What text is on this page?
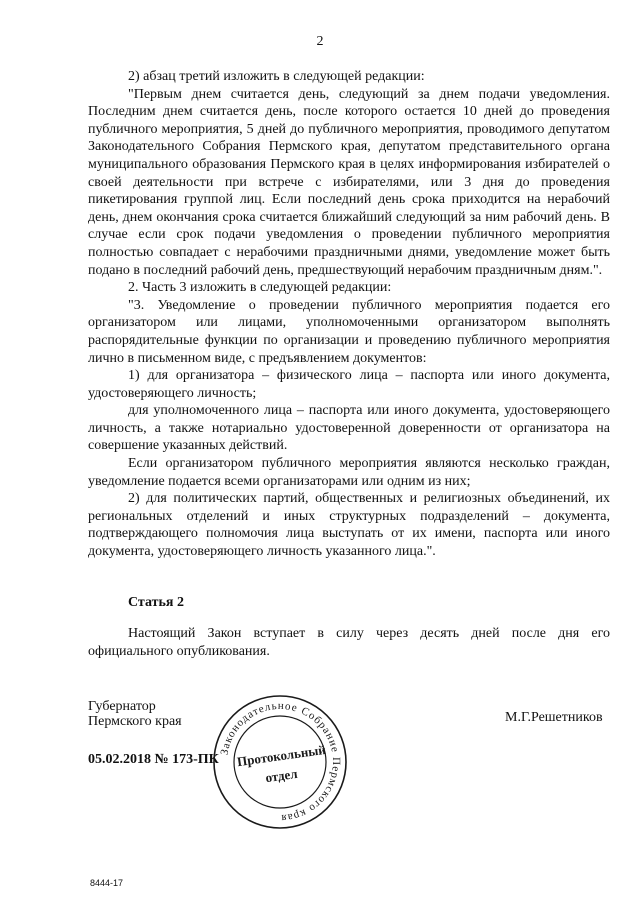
2

2) абзац третий изложить в следующей редакции:

"Первым днем считается день, следующий за днем подачи уведомления. Последним днем считается день, после которого остается 10 дней до проведения публичного мероприятия, 5 дней до публичного мероприятия, проводимого депутатом Законодательного Собрания Пермского края, депутатом представительного органа муниципального образования Пермского края в целях информирования избирателей о своей деятельности при встрече с избирателями, или 3 дня до проведения пикетирования группой лиц. Если последний день срока приходится на нерабочий день, днем окончания срока считается ближайший следующий за ним рабочий день. В случае если срок подачи уведомления о проведении публичного мероприятия полностью совпадает с нерабочими праздничными днями, уведомление может быть подано в последний рабочий день, предшествующий нерабочим праздничным дням.".

2. Часть 3 изложить в следующей редакции:

"3. Уведомление о проведении публичного мероприятия подается его организатором или лицами, уполномоченными организатором выполнять распорядительные функции по организации и проведению публичного мероприятия лично в письменном виде, с предъявлением документов:

1) для организатора – физического лица – паспорта или иного документа, удостоверяющего личность;

для уполномоченного лица – паспорта или иного документа, удостоверяющего личность, а также нотариально удостоверенной доверенности от организатора на совершение указанных действий.

Если организатором публичного мероприятия являются несколько граждан, уведомление подается всеми организаторами или одним из них;

2) для политических партий, общественных и религиозных объединений, их региональных отделений и иных структурных подразделений – документа, подтверждающего полномочия лица выступать от их имени, паспорта или иного документа, удостоверяющего личность указанного лица.".

Статья 2

Настоящий Закон вступает в силу через десять дней после дня его официального опубликования.

Губернатор
Пермского края	М.Г.Решетников
05.02.2018 № 173-ПК
Законодательное Собрание Пермского края
Протокольный
отдел
8444-17
